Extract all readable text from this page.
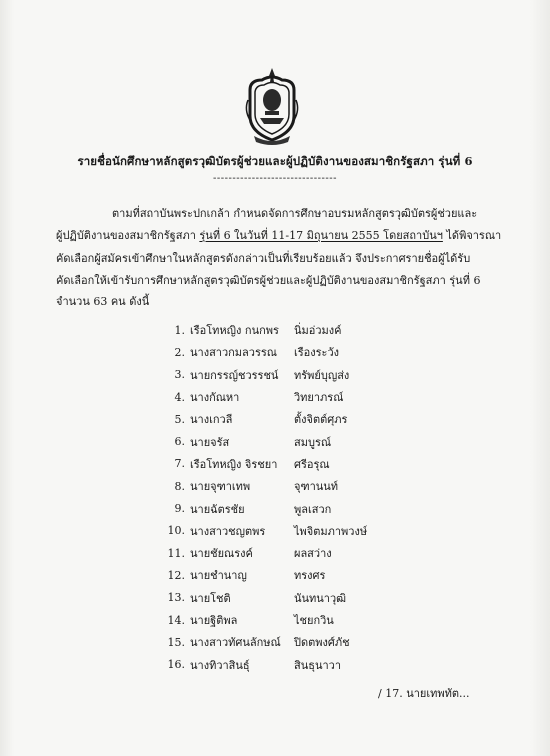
รายชื่อนักศึกษาหลักสูตรวุฒิบัตรผู้ช่วยและผู้ปฏิบัติงานของสมาชิกรัฐสภา รุ่นที่ 6
--------------------------------
ตามที่สถาบันพระปกเกล้า กำหนดจัดการศึกษาอบรมหลักสูตรวุฒิบัตรผู้ช่วยและ
ผู้ปฏิบัติงานของสมาชิกรัฐสภา รุ่นที่ 6 ในวันที่ 11-17 มิถุนายน 2555 โดยสถาบันฯ ได้พิจารณา
คัดเลือกผู้สมัครเข้าศึกษาในหลักสูตรดังกล่าวเป็นที่เรียบร้อยแล้ว จึงประกาศรายชื่อผู้ได้รับ
คัดเลือกให้เข้ารับการศึกษาหลักสูตรวุฒิบัตรผู้ช่วยและผู้ปฏิบัติงานของสมาชิกรัฐสภา รุ่นที่ 6
จำนวน 63 คน ดังนี้
1. เรือโทหญิง กนกพร	นิ่มอ่วมงค์
2. นางสาวกมลวรรณ	เรืองระวัง
3. นายกรรญ์ชวรรชน์	ทรัพย์บุญส่ง
4. นางกัณหา	วิทยาภรณ์
5. นางเกวลี	ตั้งจิตต์ศุภร
6. นายจรัส	สมบูรณ์
7. เรือโทหญิง จิรชยา	ศรีอรุณ
8. นายจุฑาเทพ	จุฑานนท์
9. นายฉัตรชัย	พูลเสวก
10. นางสาวชญตพร	ไพจิตมภาพวงษ์
11. นายชัยณรงค์	ผลสว่าง
12. นายชำนาญ	ทรงศร
13. นายโชติ	นันทนาวุฒิ
14. นายฐิติพล	ไชยกวิน
15. นางสาวทัศนลักษณ์	ปิดตพงศ์ภัช
16. นางทิวาสินธุ์	สินธุนาวา
/ 17. นายเทพทัต...
